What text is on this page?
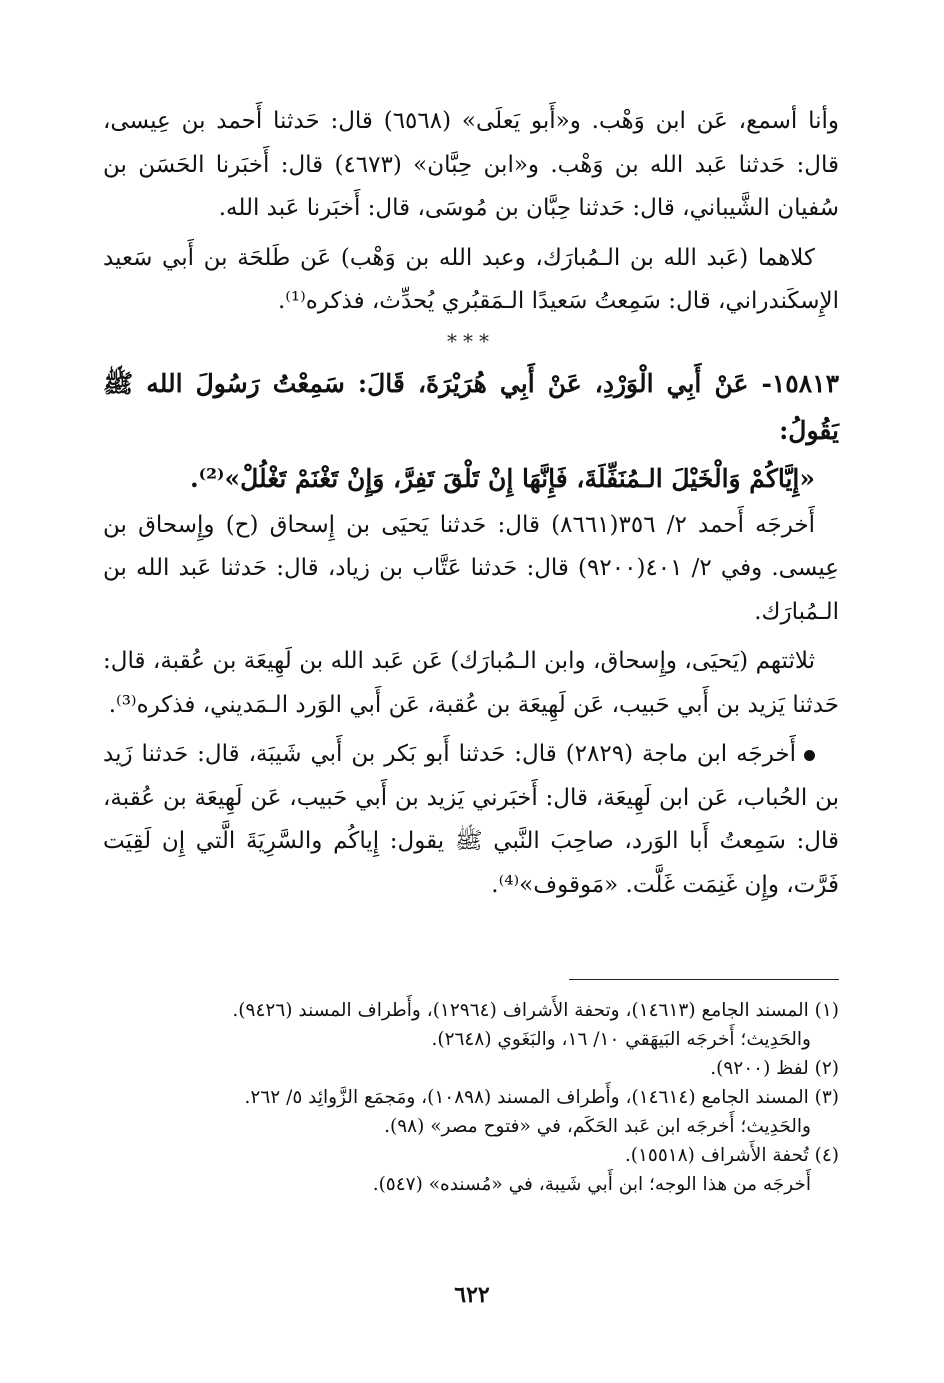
وأنا أسمع، عَن ابن وَهْب. و«أَبو يَعلَى» (٦٥٦٨) قال: حَدثنا أَحمد بن عِيسى، قال: حَدثنا عَبد الله بن وَهْب. و«ابن حِبَّان» (٤٦٧٣) قال: أَخبَرنا الحَسَن بن سُفيان الشَّيباني، قال: حَدثنا حِبَّان بن مُوسَى، قال: أَخبَرنا عَبد الله.

كلاهما (عَبد الله بن الـمُبارَك، وعبد الله بن وَهْب) عَن طَلحَة بن أَبي سَعيد الإِسكَندراني، قال: سَمِعتُ سَعيدًا الـمَقبُري يُحدِّث، فذكره⁽¹⁾.

***

١٥٨١٣- عَنْ أَبِي الْوَرْدِ، عَنْ أَبِي هُرَيْرَةَ، قَالَ: سَمِعْتُ رَسُولَ الله ﷺ يَقُولُ:

«إِيَّاكُمْ وَالْخَيْلَ الـمُنَفِّلَةَ، فَإِنَّهَا إِنْ تَلْقَ تَفِرَّ، وَإِنْ تَغْنَمْ تَغْلُلْ»⁽²⁾.

أَخرجَه أَحمد ٢/ ٣٥٦(٨٦٦١) قال: حَدثنا يَحيَى بن إِسحاق (ح) وإِسحاق بن عِيسى. وفي ٢/ ٤٠١(٩٢٠٠) قال: حَدثنا عَتَّاب بن زياد، قال: حَدثنا عَبد الله بن الـمُبارَك.

ثلاثتهم (يَحيَى، وإِسحاق، وابن الـمُبارَك) عَن عَبد الله بن لَهِيعَة بن عُقبة، قال: حَدثنا يَزيد بن أَبي حَبيب، عَن لَهِيعَة بن عُقبة، عَن أَبي الوَرد الـمَديني، فذكره⁽³⁾.

أَخرجَه ابن ماجة (٢٨٢٩) قال: حَدثنا أَبو بَكر بن أَبي شَيبَة، قال: حَدثنا زَيد بن الحُباب، عَن ابن لَهِيعَة، قال: أَخبَرني يَزيد بن أَبي حَبيب، عَن لَهِيعَة بن عُقبة، قال: سَمِعتُ أَبا الوَرد، صاحِبَ النَّبي ﷺ يقول: إِياكُم والسَّرِيَةَ الَّتي إِن لَقِيَت فَرَّت، وإِن غَنِمَت غَلَّت. «مَوقوف»⁽⁴⁾.

(١) المسند الجامع (١٤٦١٣)، وتحفة الأَشراف (١٢٩٦٤)، وأَطراف المسند (٩٤٢٦).

والحَدِيث؛ أَخرجَه البَيهَقي ١٠/ ١٦، والبَغَوي (٢٦٤٨).

(٢) لفظ (٩٢٠٠).

(٣) المسند الجامع (١٤٦١٤)، وأَطراف المسند (١٠٨٩٨)، ومَجمَع الزَّوائِد ٥/ ٢٦٢.

والحَدِيث؛ أَخرجَه ابن عَبد الحَكَم، في «فتوح مصر» (٩٨).

(٤) تُحفة الأَشراف (١٥٥١٨).

أَخرجَه من هذا الوجه؛ ابن أَبي شَيبة، في «مُسنده» (٥٤٧).

٦٢٢
